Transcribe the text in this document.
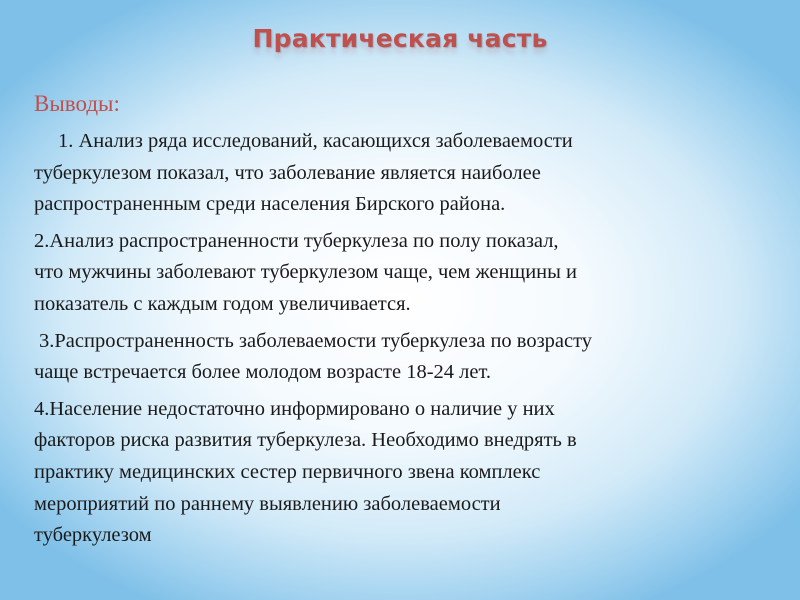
Практическая часть
Выводы:
1. Анализ ряда исследований, касающихся заболеваемости
туберкулезом показал, что заболевание является наиболее
распространенным среди населения Бирского района.
2.Анализ распространенности туберкулеза по полу показал,
что мужчины заболевают туберкулезом чаще, чем женщины и
показатель с каждым годом увеличивается.
3.Распространенность заболеваемости туберкулеза по возрасту
чаще встречается более молодом возрасте 18-24 лет.
4.Население недостаточно информировано о наличие у них
факторов риска развития туберкулеза. Необходимо внедрять в
практику медицинских сестер первичного звена комплекс
мероприятий по раннему выявлению заболеваемости
туберкулезом
